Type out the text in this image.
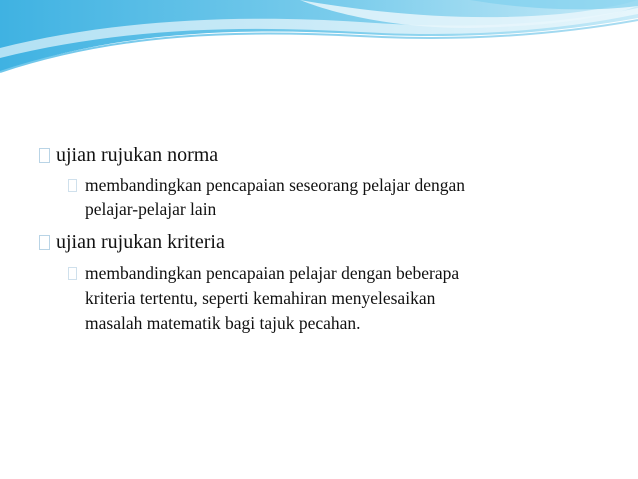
ujian rujukan norma

membandingkan pencapaian seseorang pelajar dengan

pelajar-pelajar lain

ujian rujukan kriteria

membandingkan pencapaian pelajar dengan beberapa

kriteria tertentu, seperti kemahiran menyelesaikan

masalah matematik bagi tajuk pecahan.
